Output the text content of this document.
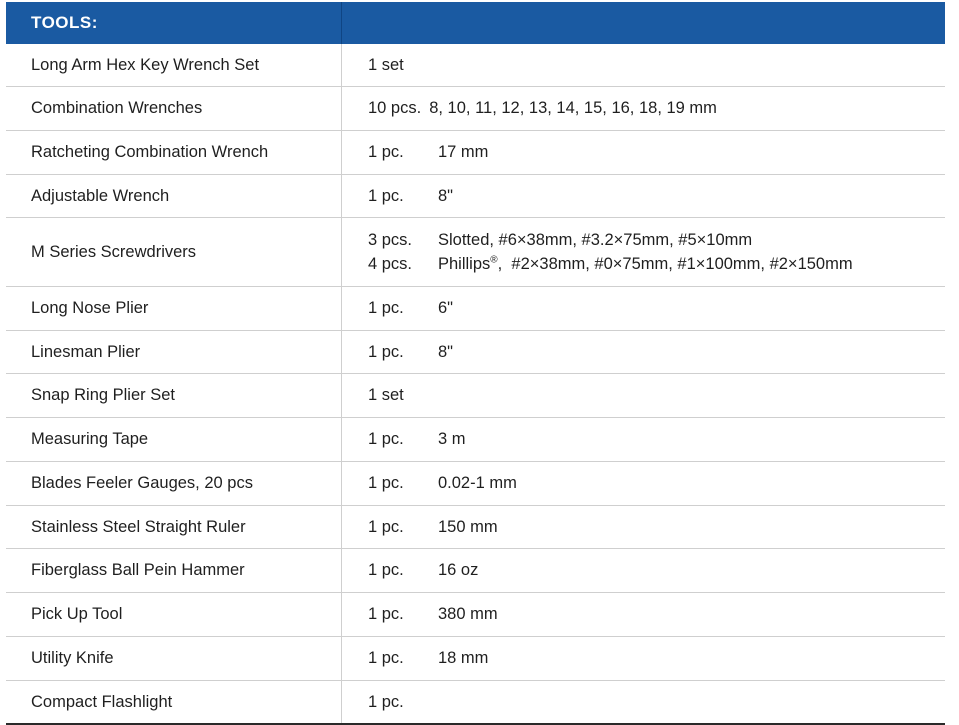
TOOLS:
Long Arm Hex Key Wrench Set	1 set
Combination Wrenches	10 pcs. 8, 10, 11, 12, 13, 14, 15, 16, 18, 19 mm
Ratcheting Combination Wrench	1 pc.	17 mm
Adjustable Wrench	1 pc.	8"
M Series Screwdrivers
3 pcs.	Slotted, #6×38mm, #3.2×75mm, #5×10mm
4 pcs.	Phillips®,  #2×38mm, #0×75mm, #1×100mm, #2×150mm
Long Nose Plier	1 pc.	6"
Linesman Plier	1 pc.	8"
Snap Ring Plier Set	1 set
Measuring Tape	1 pc.	3 m
Blades Feeler Gauges, 20 pcs	1 pc.	0.02-1 mm
Stainless Steel Straight Ruler	1 pc.	150 mm
Fiberglass Ball Pein Hammer	1 pc.	16 oz
Pick Up Tool	1 pc.	380 mm
Utility Knife	1 pc.	18 mm
Compact Flashlight	1 pc.
